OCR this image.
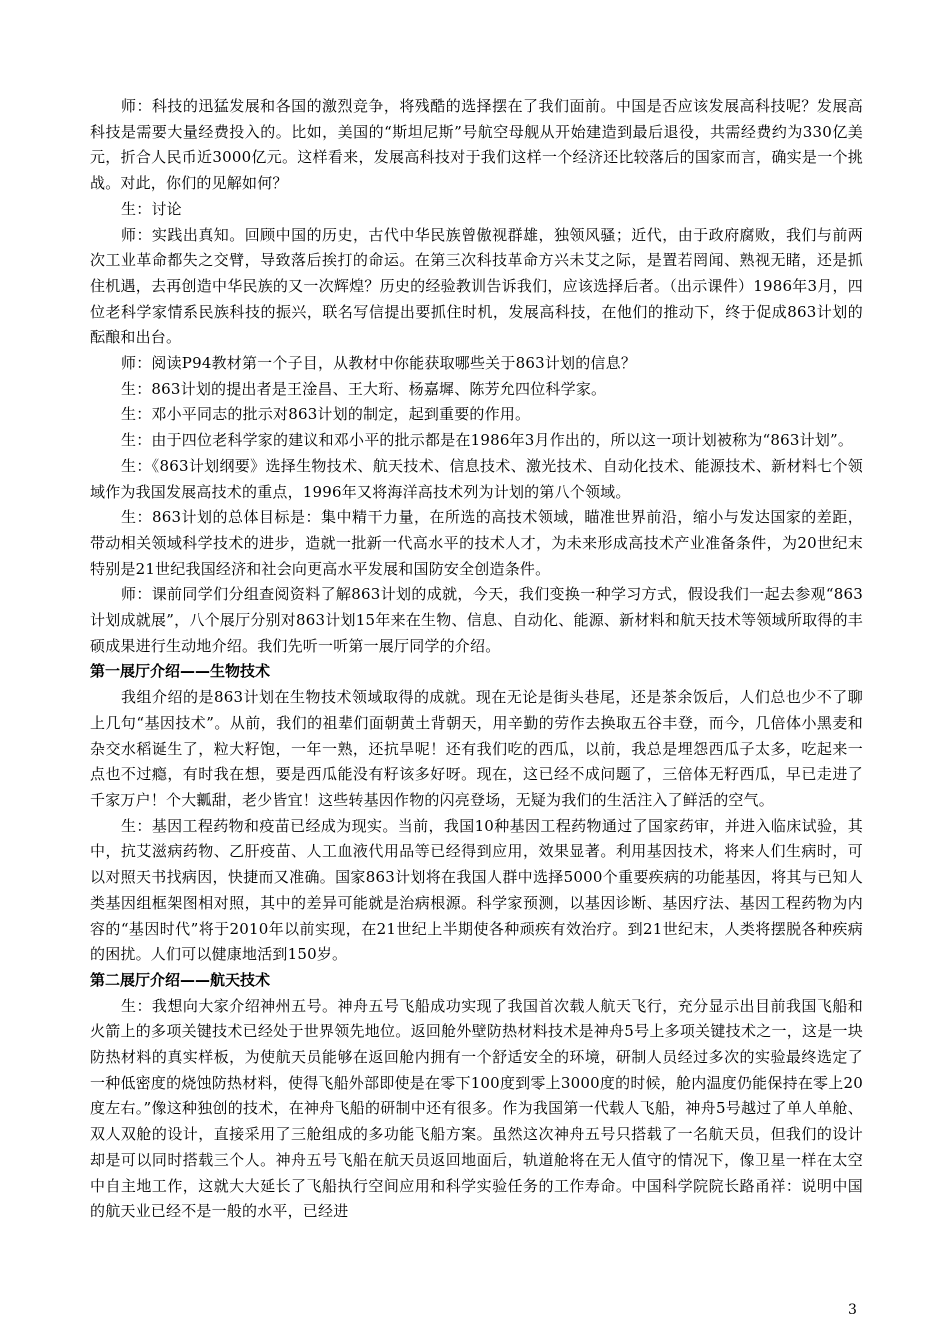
师：科技的迅猛发展和各国的激烈竞争，将残酷的选择摆在了我们面前。中国是否应该发展高科技呢？发展高科技是需要大量经费投入的。比如，美国的“斯坦尼斯”号航空母舰从开始建造到最后退役，共需经费约为330亿美元，折合人民币近3000亿元。这样看来，发展高科技对于我们这样一个经济还比较落后的国家而言，确实是一个挑战。对此，你们的见解如何？

生：讨论

师：实践出真知。回顾中国的历史，古代中华民族曾傲视群雄，独领风骚；近代，由于政府腐败，我们与前两次工业革命都失之交臂，导致落后挨打的命运。在第三次科技革命方兴未艾之际，是置若罔闻、熟视无睹，还是抓住机遇，去再创造中华民族的又一次辉煌？历史的经验教训告诉我们，应该选择后者。（出示课件）1986年3月，四位老科学家情系民族科技的振兴，联名写信提出要抓住时机，发展高科技，在他们的推动下，终于促成863计划的酝酿和出台。

师：阅读P94教材第一个子目，从教材中你能获取哪些关于863计划的信息？

生：863计划的提出者是王淦昌、王大珩、杨嘉墀、陈芳允四位科学家。

生：邓小平同志的批示对863计划的制定，起到重要的作用。

生：由于四位老科学家的建议和邓小平的批示都是在1986年3月作出的，所以这一项计划被称为“863计划”。

生：《863计划纲要》选择生物技术、航天技术、信息技术、激光技术、自动化技术、能源技术、新材料七个领域作为我国发展高技术的重点，1996年又将海洋高技术列为计划的第八个领域。

生：863计划的总体目标是：集中精干力量，在所选的高技术领域，瞄准世界前沿，缩小与发达国家的差距，带动相关领域科学技术的进步，造就一批新一代高水平的技术人才，为未来形成高技术产业准备条件，为20世纪末特别是21世纪我国经济和社会向更高水平发展和国防安全创造条件。

师：课前同学们分组查阅资料了解863计划的成就，今天，我们变换一种学习方式，假设我们一起去参观“863计划成就展”，八个展厅分别对863计划15年来在生物、信息、自动化、能源、新材料和航天技术等领域所取得的丰硕成果进行生动地介绍。我们先听一听第一展厅同学的介绍。

第一展厅介绍——生物技术

我组介绍的是863计划在生物技术领域取得的成就。现在无论是街头巷尾，还是茶余饭后，人们总也少不了聊上几句“基因技术”。从前，我们的祖辈们面朝黄土背朝天，用辛勤的劳作去换取五谷丰登，而今，几倍体小黑麦和杂交水稻诞生了，粒大籽饱，一年一熟，还抗旱呢！还有我们吃的西瓜，以前，我总是埋怨西瓜子太多，吃起来一点也不过瘾，有时我在想，要是西瓜能没有籽该多好呀。现在，这已经不成问题了，三倍体无籽西瓜，早已走进了千家万户！个大瓤甜，老少皆宜！这些转基因作物的闪亮登场，无疑为我们的生活注入了鲜活的空气。

生：基因工程药物和疫苗已经成为现实。当前，我国10种基因工程药物通过了国家药审，并进入临床试验，其中，抗艾滋病药物、乙肝疫苗、人工血液代用品等已经得到应用，效果显著。利用基因技术，将来人们生病时，可以对照天书找病因，快捷而又准确。国家863计划将在我国人群中选择5000个重要疾病的功能基因，将其与已知人类基因组框架图相对照，其中的差异可能就是治病根源。科学家预测，以基因诊断、基因疗法、基因工程药物为内容的“基因时代”将于2010年以前实现，在21世纪上半期使各种顽疾有效治疗。到21世纪末，人类将摆脱各种疾病的困扰。人们可以健康地活到150岁。

第二展厅介绍——航天技术

生：我想向大家介绍神州五号。神舟五号飞船成功实现了我国首次载人航天飞行，充分显示出目前我国飞船和火箭上的多项关键技术已经处于世界领先地位。返回舱外壁防热材料技术是神舟5号上多项关键技术之一，这是一块防热材料的真实样板，为使航天员能够在返回舱内拥有一个舒适安全的环境，研制人员经过多次的实验最终选定了一种低密度的烧蚀防热材料，使得飞船外部即使是在零下100度到零上3000度的时候，舱内温度仍能保持在零上20度左右。”像这种独创的技术，在神舟飞船的研制中还有很多。作为我国第一代载人飞船，神舟5号越过了单人单舱、双人双舱的设计，直接采用了三舱组成的多功能飞船方案。虽然这次神舟五号只搭载了一名航天员，但我们的设计却是可以同时搭载三个人。神舟五号飞船在航天员返回地面后，轨道舱将在无人值守的情况下，像卫星一样在太空中自主地工作，这就大大延长了飞船执行空间应用和科学实验任务的工作寿命。中国科学院院长路甬祥：说明中国的航天业已经不是一般的水平，已经进

3
